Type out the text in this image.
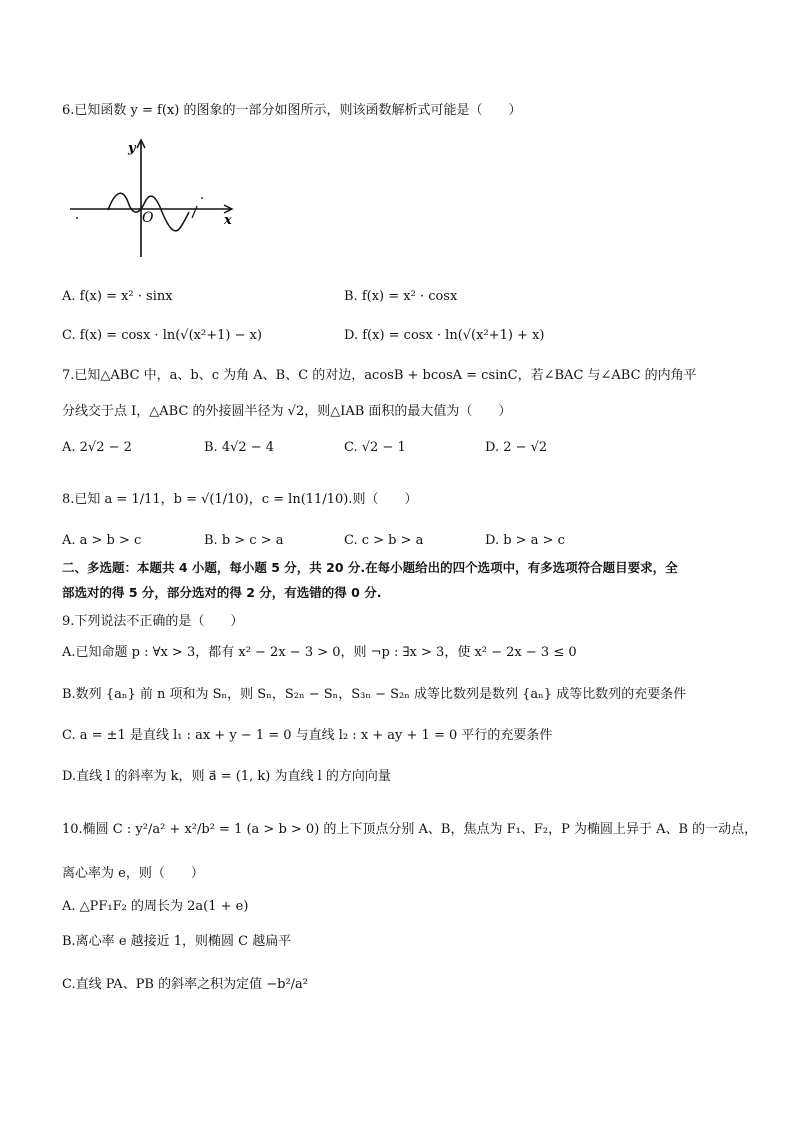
6.已知函数 y = f(x) 的图象的一部分如图所示，则该函数解析式可能是（　　）
y
x
O
A. f(x) = x² · sinx	B. f(x) = x² · cosx
C. f(x) = cosx · ln(√(x²+1) − x)	D. f(x) = cosx · ln(√(x²+1) + x)
7.已知△ABC 中，a、b、c 为角 A、B、C 的对边，acosB + bcosA = csinC，若∠BAC 与∠ABC 的内角平
分线交于点 I，△ABC 的外接圆半径为 √2，则△IAB 面积的最大值为（　　）
A. 2√2 − 2	B. 4√2 − 4	C. √2 − 1	D. 2 − √2
8.已知 a = 1/11，b = √(1/10)，c = ln(11/10).则（　　）
A. a > b > c	B. b > c > a	C. c > b > a	D. b > a > c
二、多选题：本题共 4 小题，每小题 5 分，共 20 分.在每小题给出的四个选项中，有多选项符合题目要求，全
部选对的得 5 分，部分选对的得 2 分，有选错的得 0 分.
9.下列说法不正确的是（　　）
A.已知命题 p : ∀x > 3，都有 x² − 2x − 3 > 0，则 ¬p : ∃x > 3，使 x² − 2x − 3 ≤ 0
B.数列 {aₙ} 前 n 项和为 Sₙ，则 Sₙ，S₂ₙ − Sₙ，S₃ₙ − S₂ₙ 成等比数列是数列 {aₙ} 成等比数列的充要条件
C. a = ±1 是直线 l₁ : ax + y − 1 = 0 与直线 l₂ : x + ay + 1 = 0 平行的充要条件
D.直线 l 的斜率为 k，则 a⃗ = (1, k) 为直线 l 的方向向量
10.椭圆 C : y²/a² + x²/b² = 1 (a > b > 0) 的上下顶点分别 A、B，焦点为 F₁、F₂，P 为椭圆上异于 A、B 的一动点，
离心率为 e，则（　　）
A. △PF₁F₂ 的周长为 2a(1 + e)
B.离心率 e 越接近 1，则椭圆 C 越扁平
C.直线 PA、PB 的斜率之积为定值 −b²/a²
